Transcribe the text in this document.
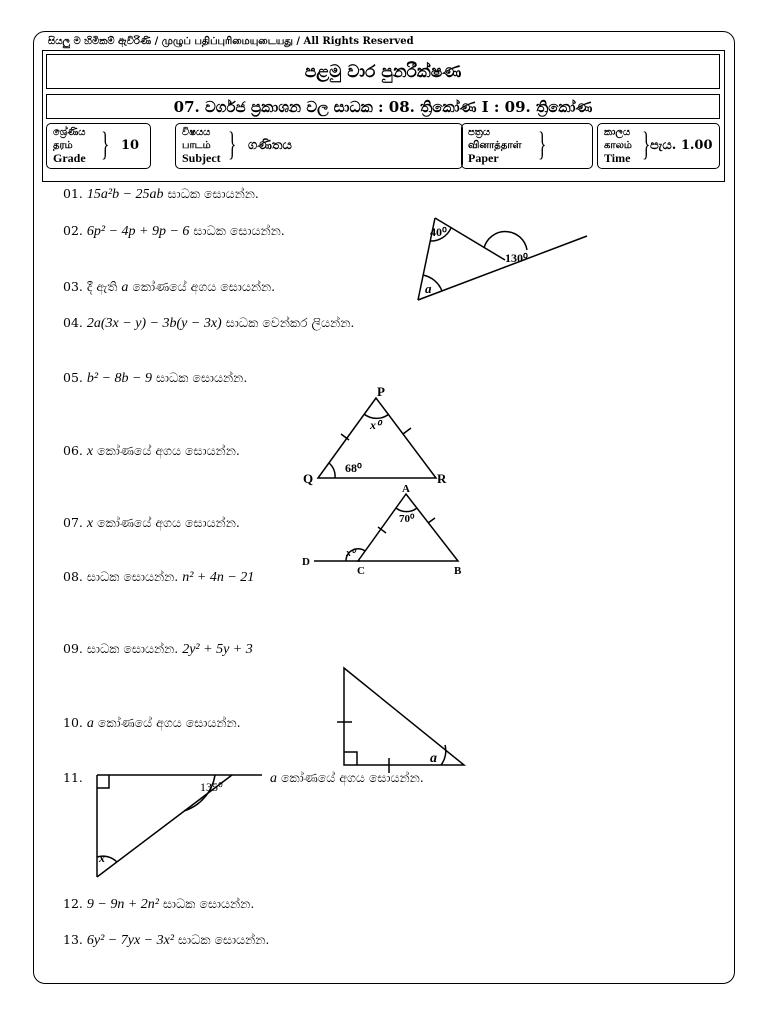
සියලු ම හිමිකම් ඇවිරිණි / முழுப் பதிப்புரிமையுடையது / All Rights Reserved
පළමු වාර පුනරීක්ෂණ
07. වර්ගජ ප්‍රකාශන වල සාධක : 08. ත්‍රිකෝණ I : 09. ත්‍රිකෝණ
ශ්‍රේණිය
தரம்
Grade } 10
විෂයය
பாடம்
Subject } ගණිතය
පත්‍රය
வினாத்தாள்
Paper	}	කාලය
காலம்
Time } පැය. 1.00
01. 15a²b − 25ab සාධක සොයන්න.
02. 6p² − 4p + 9p − 6 සාධක සොයන්න.
03. දී ඇති a කෝණයේ අගය සොයන්න.
04. 2a(3x − y) − 3b(y − 3x) සාධක වෙන්කර ලියන්න.
05. b² − 8b − 9 සාධක සොයන්න.
06. x කෝණයේ අගය සොයන්න.
07. x කෝණයේ අගය සොයන්න.
08. සාධක සොයන්න. n² + 4n − 21
09. සාධක සොයන්න. 2y² + 5y + 3
10. a කෝණයේ අගය සොයන්න.
11.	a කෝණයේ අගය සොයන්න.
12. 9 − 9n + 2n² සාධක සොයන්න.
13. 6y² − 7yx − 3x² සාධක සොයන්න.
40⁰
130⁰
a
P
Q	R
x⁰
68⁰
A
B
C
D
70⁰
x⁰
a
135⁰
x
